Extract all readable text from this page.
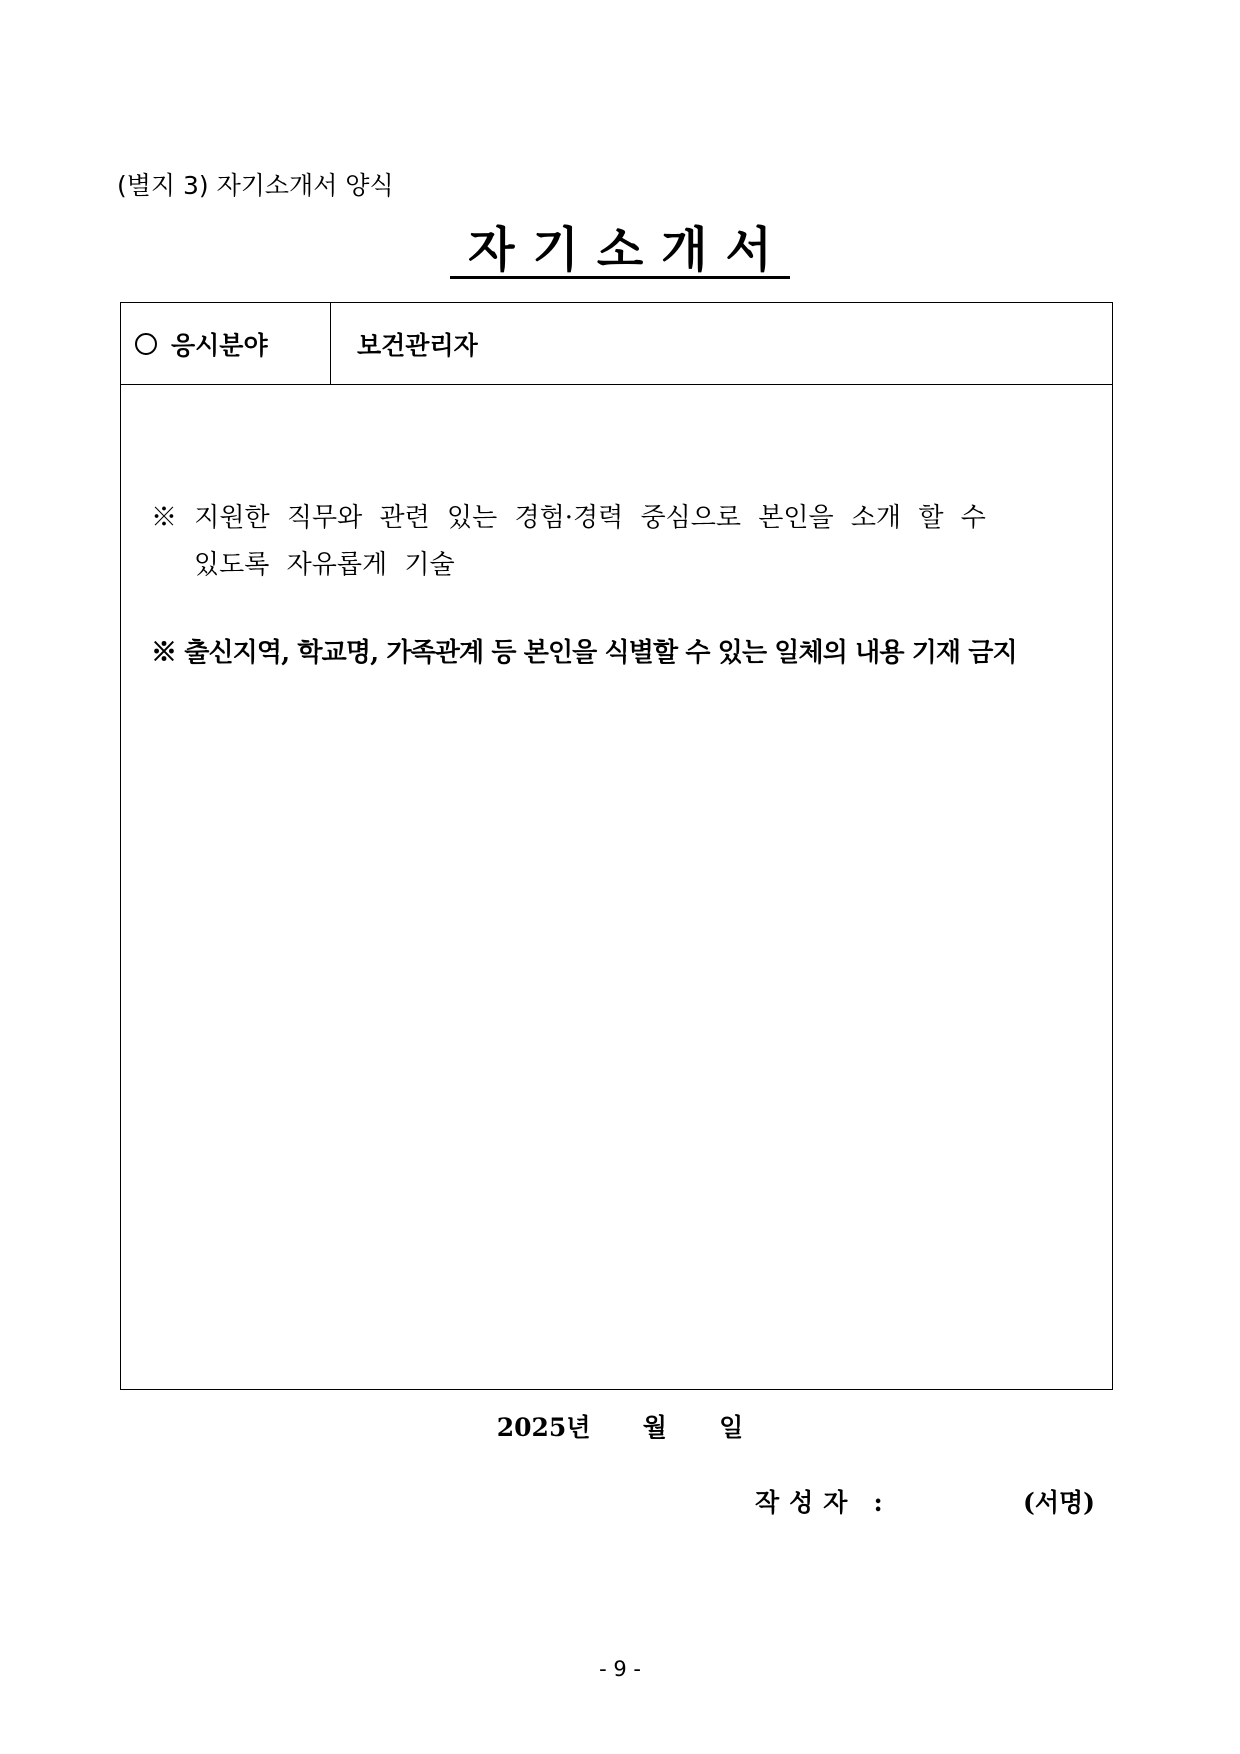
(별지 3) 자기소개서 양식
자기소개서
응시분야	보건관리자
※ 지원한 직무와 관련 있는 경험·경력 중심으로 본인을 소개 할 수
있도록 자유롭게 기술
※ 출신지역, 학교명, 가족관계 등 본인을 식별할 수 있는 일체의 내용 기재 금지
2025년      월      일
작성자 :	(서명)
- 9 -
